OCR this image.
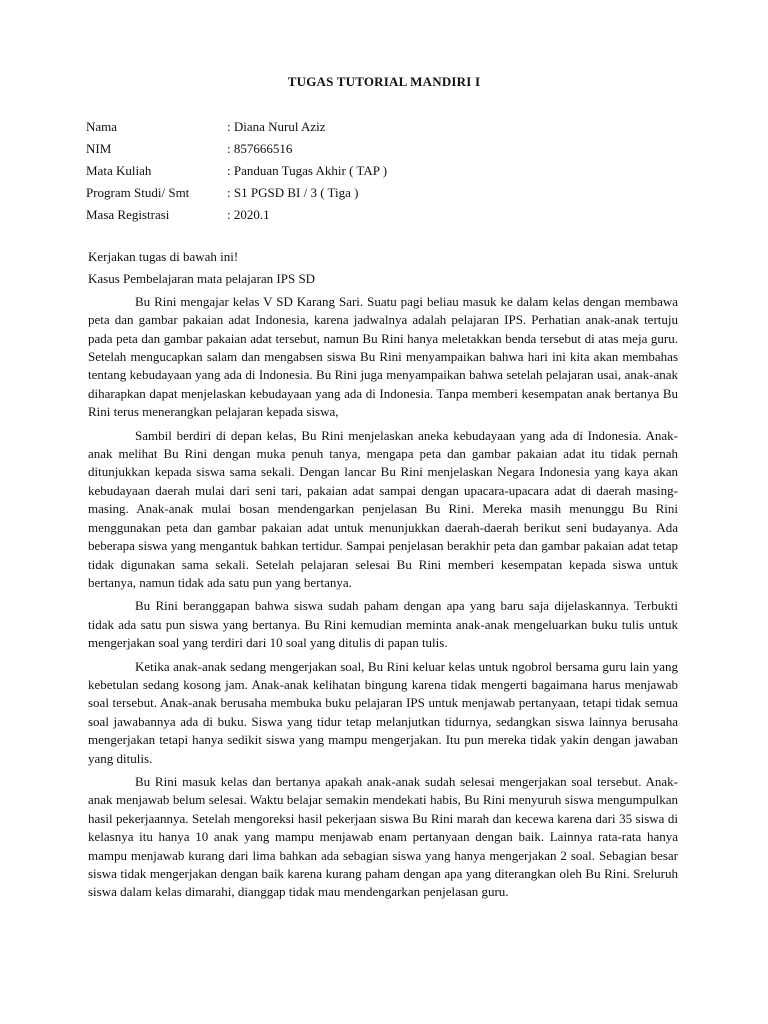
TUGAS TUTORIAL MANDIRI I
Nama	: Diana Nurul Aziz
NIM	: 857666516
Mata Kuliah	: Panduan Tugas Akhir ( TAP )
Program Studi/ Smt	: S1 PGSD BI / 3 ( Tiga )
Masa Registrasi	: 2020.1

Kerjakan tugas di bawah ini!

Kasus Pembelajaran mata pelajaran IPS SD

Bu Rini mengajar kelas V SD Karang Sari. Suatu pagi beliau masuk ke dalam kelas dengan membawa peta dan gambar pakaian adat Indonesia, karena jadwalnya adalah pelajaran IPS. Perhatian anak-anak tertuju pada peta dan gambar pakaian adat tersebut, namun Bu Rini hanya meletakkan benda tersebut di atas meja guru. Setelah mengucapkan salam dan mengabsen siswa Bu Rini menyampaikan bahwa hari ini kita akan membahas tentang kebudayaan yang ada di Indonesia. Bu Rini juga menyampaikan bahwa setelah pelajaran usai, anak-anak diharapkan dapat menjelaskan kebudayaan yang ada di Indonesia. Tanpa memberi kesempatan anak bertanya Bu Rini terus menerangkan pelajaran kepada siswa,

Sambil berdiri di depan kelas, Bu Rini menjelaskan aneka kebudayaan yang ada di Indonesia. Anak-anak melihat Bu Rini dengan muka penuh tanya, mengapa peta dan gambar pakaian adat itu tidak pernah ditunjukkan kepada siswa sama sekali. Dengan lancar Bu Rini menjelaskan Negara Indonesia yang kaya akan kebudayaan daerah mulai dari seni tari, pakaian adat sampai dengan upacara-upacara adat di daerah masing-masing. Anak-anak mulai bosan mendengarkan penjelasan Bu Rini. Mereka masih menunggu Bu Rini menggunakan peta dan gambar pakaian adat untuk menunjukkan daerah-daerah berikut seni budayanya. Ada beberapa siswa yang mengantuk bahkan tertidur. Sampai penjelasan berakhir peta dan gambar pakaian adat tetap tidak digunakan sama sekali. Setelah pelajaran selesai Bu Rini memberi kesempatan kepada siswa untuk bertanya, namun tidak ada satu pun yang bertanya.

Bu Rini beranggapan bahwa siswa sudah paham dengan apa yang baru saja dijelaskannya. Terbukti tidak ada satu pun siswa yang bertanya. Bu Rini kemudian meminta anak-anak mengeluarkan buku tulis untuk mengerjakan soal yang terdiri dari 10 soal yang ditulis di papan tulis.

Ketika anak-anak sedang mengerjakan soal, Bu Rini keluar kelas untuk ngobrol bersama guru lain yang kebetulan sedang kosong jam. Anak-anak kelihatan bingung karena tidak mengerti bagaimana harus menjawab soal tersebut. Anak-anak berusaha membuka buku pelajaran IPS untuk menjawab pertanyaan, tetapi tidak semua soal jawabannya ada di buku. Siswa yang tidur tetap melanjutkan tidurnya, sedangkan siswa lainnya berusaha mengerjakan tetapi hanya sedikit siswa yang mampu mengerjakan. Itu pun mereka tidak yakin dengan jawaban yang ditulis.

Bu Rini masuk kelas dan bertanya apakah anak-anak sudah selesai mengerjakan soal tersebut. Anak-anak menjawab belum selesai. Waktu belajar semakin mendekati habis, Bu Rini menyuruh siswa mengumpulkan hasil pekerjaannya. Setelah mengoreksi hasil pekerjaan siswa Bu Rini marah dan kecewa karena dari 35 siswa di kelasnya itu hanya 10 anak yang mampu menjawab enam pertanyaan dengan baik. Lainnya rata-rata hanya mampu menjawab kurang dari lima bahkan ada sebagian siswa yang hanya mengerjakan 2 soal. Sebagian besar siswa tidak mengerjakan dengan baik karena kurang paham dengan apa yang diterangkan oleh Bu Rini. Sreluruh siswa dalam kelas dimarahi, dianggap tidak mau mendengarkan penjelasan guru.
